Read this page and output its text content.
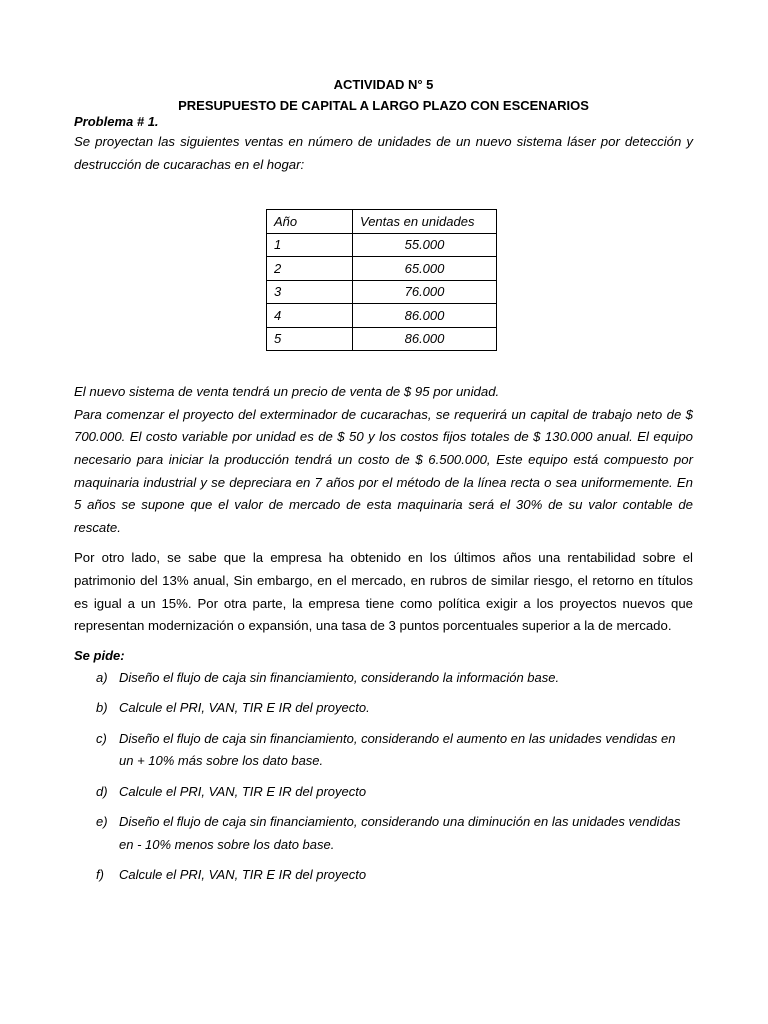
ACTIVIDAD N° 5
PRESUPUESTO DE CAPITAL A LARGO PLAZO CON ESCENARIOS
Problema # 1.

Se proyectan las siguientes ventas en número de unidades de un nuevo sistema láser por detección y destrucción de cucarachas en el hogar:

Año	Ventas en unidades
1	55.000
2	65.000
3	76.000
4	86.000
5	86.000

El nuevo sistema de venta tendrá un precio de venta de $ 95 por unidad.

Para comenzar el proyecto del exterminador de cucarachas, se requerirá un capital de trabajo neto de $ 700.000. El costo variable por unidad es de $ 50 y los costos fijos totales de $ 130.000 anual. El equipo necesario para iniciar la producción tendrá un costo de $ 6.500.000, Este equipo está compuesto por maquinaria industrial y se depreciara en 7 años por el método de la línea recta o sea uniformemente. En 5 años se supone que el valor de mercado de esta maquinaria será el 30% de su valor contable de rescate.

Por otro lado, se sabe que la empresa ha obtenido en los últimos años una rentabilidad sobre el patrimonio del 13% anual, Sin embargo, en el mercado, en rubros de similar riesgo, el retorno en títulos es igual a un 15%. Por otra parte, la empresa tiene como política exigir a los proyectos nuevos que representan modernización o expansión, una tasa de 3 puntos porcentuales superior a la de mercado.

Se pide:
a) Diseño el flujo de caja sin financiamiento, considerando la información base.
b) Calcule el PRI, VAN, TIR E IR del proyecto.
c) Diseño el flujo de caja sin financiamiento, considerando el aumento en las unidades vendidas en un + 10% más sobre los dato base.
d) Calcule el PRI, VAN, TIR E IR del proyecto
e) Diseño el flujo de caja sin financiamiento, considerando una diminución en las unidades vendidas en - 10% menos sobre los dato base.
f) Calcule el PRI, VAN, TIR E IR del proyecto
